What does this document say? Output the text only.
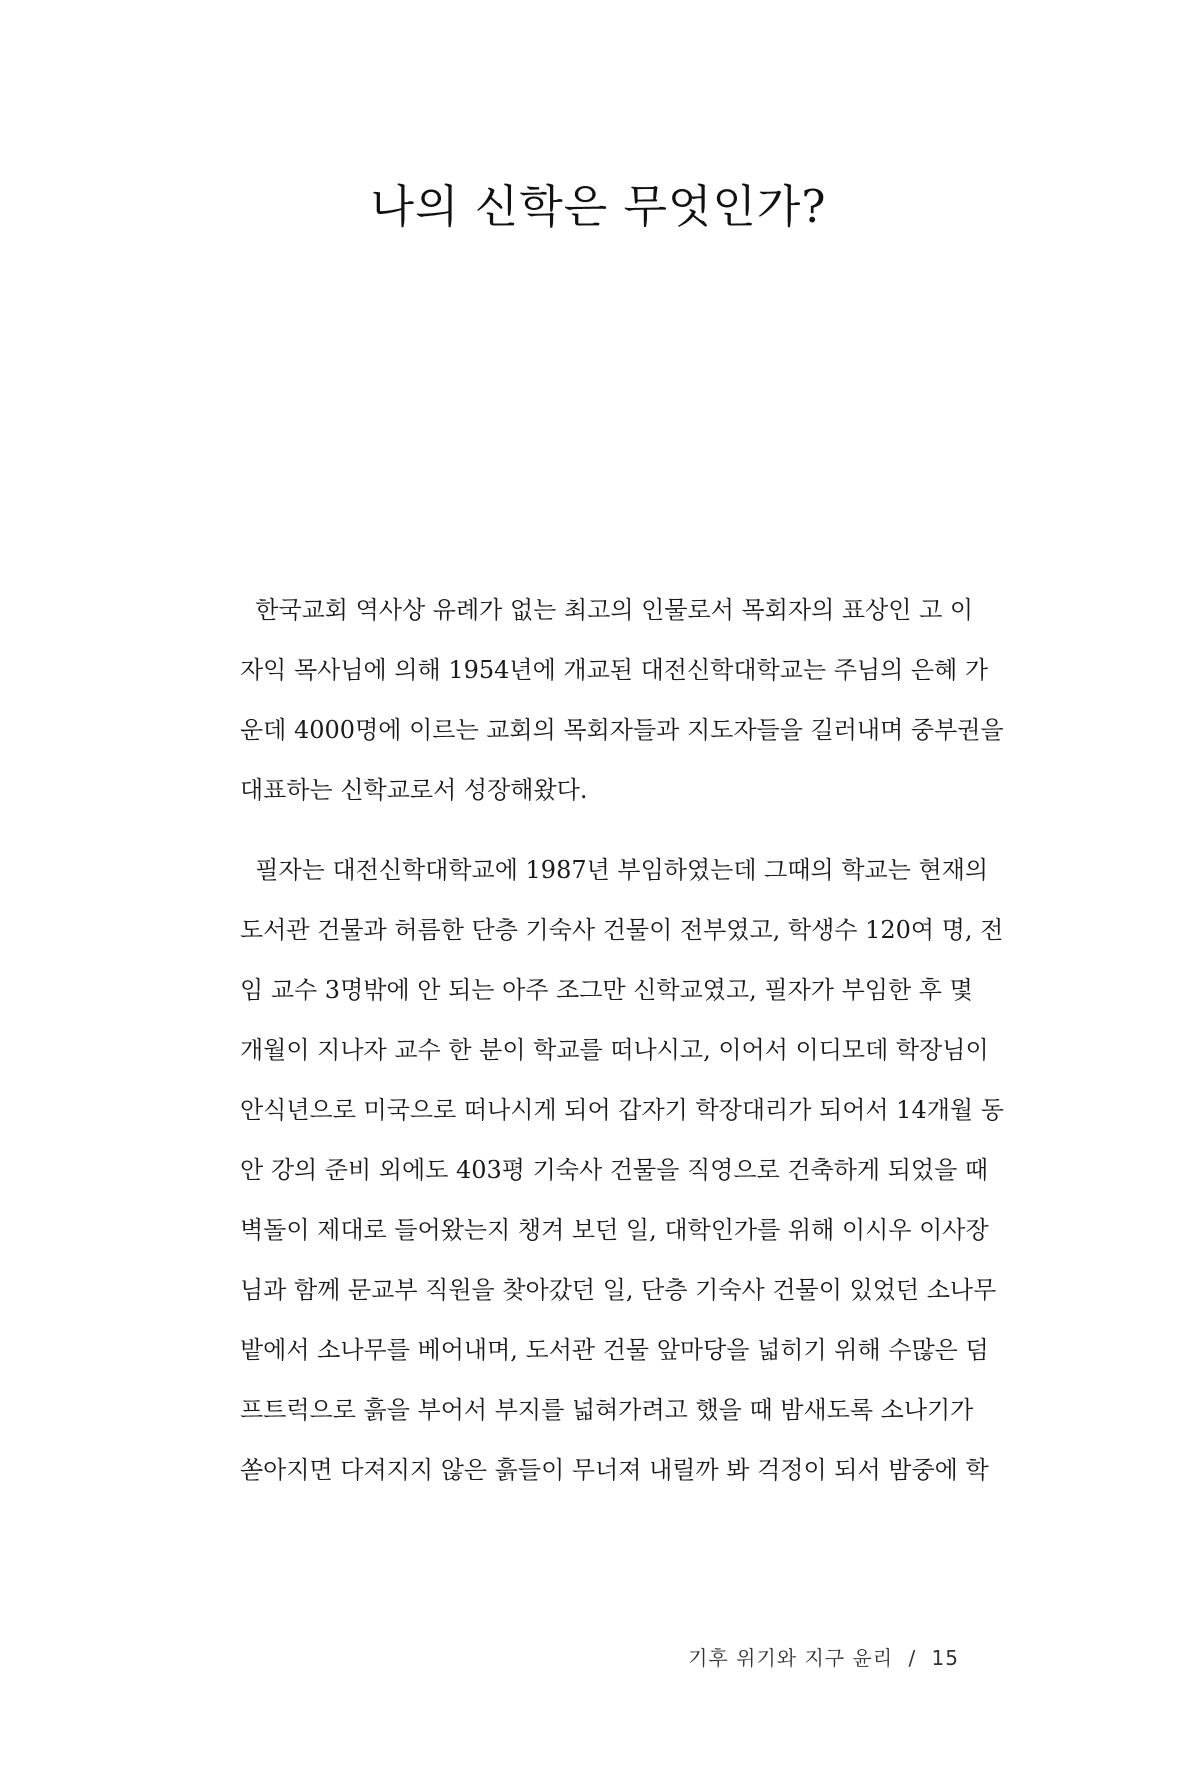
나의 신학은 무엇인가?
한국교회 역사상 유례가 없는 최고의 인물로서 목회자의 표상인 고 이
자익 목사님에 의해 1954년에 개교된 대전신학대학교는 주님의 은혜 가
운데 4000명에 이르는 교회의 목회자들과 지도자들을 길러내며 중부권을
대표하는 신학교로서 성장해왔다.
필자는 대전신학대학교에 1987년 부임하였는데 그때의 학교는 현재의
도서관 건물과 허름한 단층 기숙사 건물이 전부였고, 학생수 120여 명, 전
임 교수 3명밖에 안 되는 아주 조그만 신학교였고, 필자가 부임한 후 몇
개월이 지나자 교수 한 분이 학교를 떠나시고, 이어서 이디모데 학장님이
안식년으로 미국으로 떠나시게 되어 갑자기 학장대리가 되어서 14개월 동
안 강의 준비 외에도 403평 기숙사 건물을 직영으로 건축하게 되었을 때
벽돌이 제대로 들어왔는지 챙겨 보던 일, 대학인가를 위해 이시우 이사장
님과 함께 문교부 직원을 찾아갔던 일, 단층 기숙사 건물이 있었던 소나무
밭에서 소나무를 베어내며, 도서관 건물 앞마당을 넓히기 위해 수많은 덤
프트럭으로 흙을 부어서 부지를 넓혀가려고 했을 때 밤새도록 소나기가
쏟아지면 다져지지 않은 흙들이 무너져 내릴까 봐 걱정이 되서 밤중에 학
기후 위기와 지구 윤리 / 15
